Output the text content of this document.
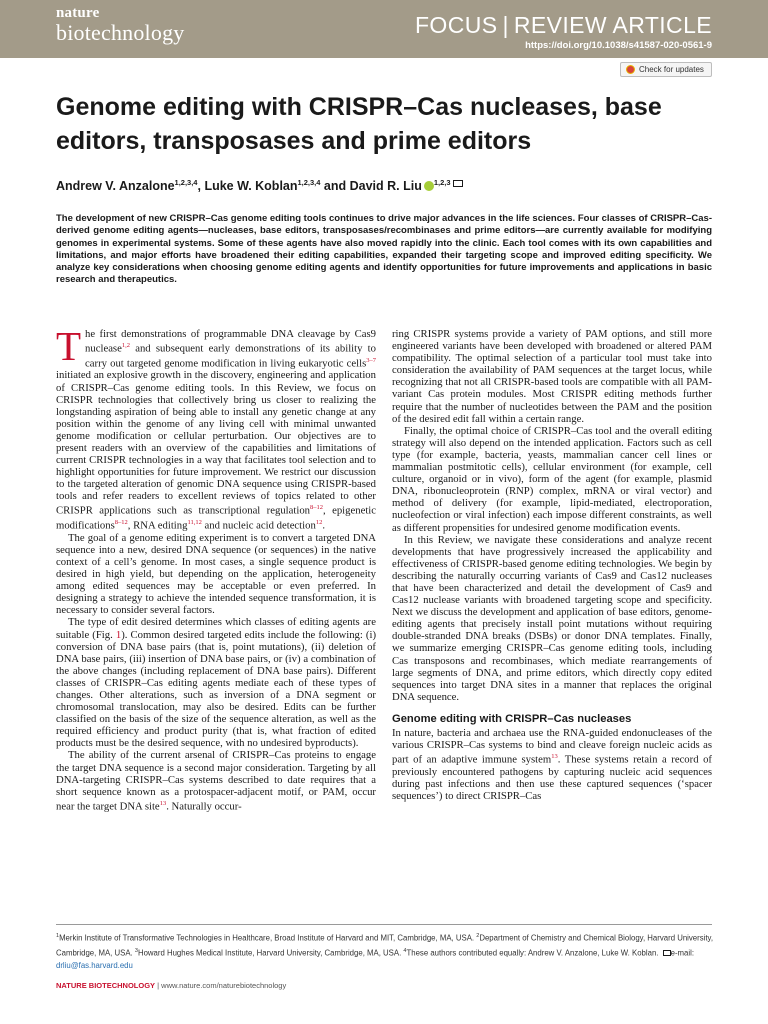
nature
biotechnology	FOCUS | REVIEW ARTICLE
https://doi.org/10.1038/s41587-020-0561-9
Check for updates
Genome editing with CRISPR–Cas nucleases, base editors, transposases and prime editors
Andrew V. Anzalone$^{1,2,3,4}$, Luke W. Koblan$^{1,2,3,4}$ and David R. Liu $^{1,2,3}$

The development of new CRISPR–Cas genome editing tools continues to drive major advances in the life sciences. Four classes of CRISPR–Cas-derived genome editing agents—nucleases, base editors, transposases/recombinases and prime editors—are currently available for modifying genomes in experimental systems. Some of these agents have also moved rapidly into the clinic. Each tool comes with its own capabilities and limitations, and major efforts have broadened their editing capabilities, expanded their targeting scope and improved editing specificity. We analyze key considerations when choosing genome editing agents and identify opportunities for future improvements and applications in basic research and therapeutics.

The first demonstrations of programmable DNA cleavage by Cas9 nuclease$^{1,2}$ and subsequent early demonstrations of its ability to carry out targeted genome modification in living eukaryotic cells$^{3-7}$ initiated an explosive growth in the discovery, engineering and application of CRISPR–Cas genome editing tools. In this Review, we focus on CRISPR technologies that collectively bring us closer to realizing the longstanding aspiration of being able to install any genetic change at any position within the genome of any living cell with minimal unwanted genome modification or cellular perturbation. Our objectives are to present readers with an overview of the capabilities and limitations of current CRISPR technologies in a way that facilitates tool selection and to highlight opportunities for future improvement. We restrict our discussion to the targeted alteration of genomic DNA sequence using CRISPR-based tools and refer readers to excellent reviews of topics related to other CRISPR applications such as transcriptional regulation$^{8-12}$, epigenetic modifications$^{8-12}$, RNA editing$^{11,12}$ and nucleic acid detection$^{12}$.

The goal of a genome editing experiment is to convert a targeted DNA sequence into a new, desired DNA sequence (or sequences) in the native context of a cell’s genome. In most cases, a single sequence product is desired in high yield, but depending on the application, heterogeneity among edited sequences may be acceptable or even preferred. In designing a strategy to achieve the intended sequence transformation, it is necessary to consider several factors.

The type of edit desired determines which classes of editing agents are suitable (Fig. 1). Common desired targeted edits include the following: (i) conversion of DNA base pairs (that is, point mutations), (ii) deletion of DNA base pairs, (iii) insertion of DNA base pairs, or (iv) a combination of the above changes (including replacement of DNA base pairs). Different classes of CRISPR–Cas editing agents mediate each of these types of changes. Other alterations, such as inversion of a DNA segment or chromosomal translocation, may also be desired. Edits can be further classified on the basis of the size of the sequence alteration, as well as the required efficiency and product purity (that is, what fraction of edited products must be the desired sequence, with no undesired byproducts).

The ability of the current arsenal of CRISPR–Cas proteins to engage the target DNA sequence is a second major consideration. Targeting by all DNA-targeting CRISPR–Cas systems described to date requires that a short sequence known as a protospacer-adjacent motif, or PAM, occur near the target DNA site$^{13}$. Naturally occur-

ring CRISPR systems provide a variety of PAM options, and still more engineered variants have been developed with broadened or altered PAM compatibility. The optimal selection of a particular tool must take into consideration the availability of PAM sequences at the target locus, while recognizing that not all CRISPR-based tools are compatible with all PAM-variant Cas protein modules. Most CRISPR editing methods further require that the number of nucleotides between the PAM and the position of the desired edit fall within a certain range.

Finally, the optimal choice of CRISPR–Cas tool and the overall editing strategy will also depend on the intended application. Factors such as cell type (for example, bacteria, yeasts, mammalian cancer cell lines or mammalian postmitotic cells), cellular environment (for example, cell culture, organoid or in vivo), form of the agent (for example, plasmid DNA, ribonucleoprotein (RNP) complex, mRNA or viral vector) and method of delivery (for example, lipid-mediated, electroporation, nucleofection or viral infection) each impose different constraints, as well as different propensities for undesired genome modification events.

In this Review, we navigate these considerations and analyze recent developments that have progressively increased the applicability and effectiveness of CRISPR-based genome editing technologies. We begin by describing the naturally occurring variants of Cas9 and Cas12 nucleases that have been characterized and detail the development of Cas9 and Cas12 nuclease variants with broadened targeting scope and specificity. Next we discuss the development and application of base editors, genome-editing agents that precisely install point mutations without requiring double-stranded DNA breaks (DSBs) or donor DNA templates. Finally, we summarize emerging CRISPR–Cas genome editing tools, including Cas transposons and recombinases, which mediate rearrangements of large segments of DNA, and prime editors, which directly copy edited sequences into target DNA sites in a manner that replaces the original DNA sequence.

Genome editing with CRISPR–Cas nucleases

In nature, bacteria and archaea use the RNA-guided endonucleases of the various CRISPR–Cas systems to bind and cleave foreign nucleic acids as part of an adaptive immune system$^{13}$. These systems retain a record of previously encountered pathogens by capturing nucleic acid sequences during past infections and then use these captured sequences (‘spacer sequences’) to direct CRISPR–Cas

$^1$Merkin Institute of Transformative Technologies in Healthcare, Broad Institute of Harvard and MIT, Cambridge, MA, USA. $^2$Department of Chemistry and Chemical Biology, Harvard University, Cambridge, MA, USA. $^3$Howard Hughes Medical Institute, Harvard University, Cambridge, MA, USA. $^4$These authors contributed equally: Andrew V. Anzalone, Luke W. Koblan. e-mail: drliu@fas.harvard.edu

NATURE BIOTECHNOLOGY | www.nature.com/naturebiotechnology
